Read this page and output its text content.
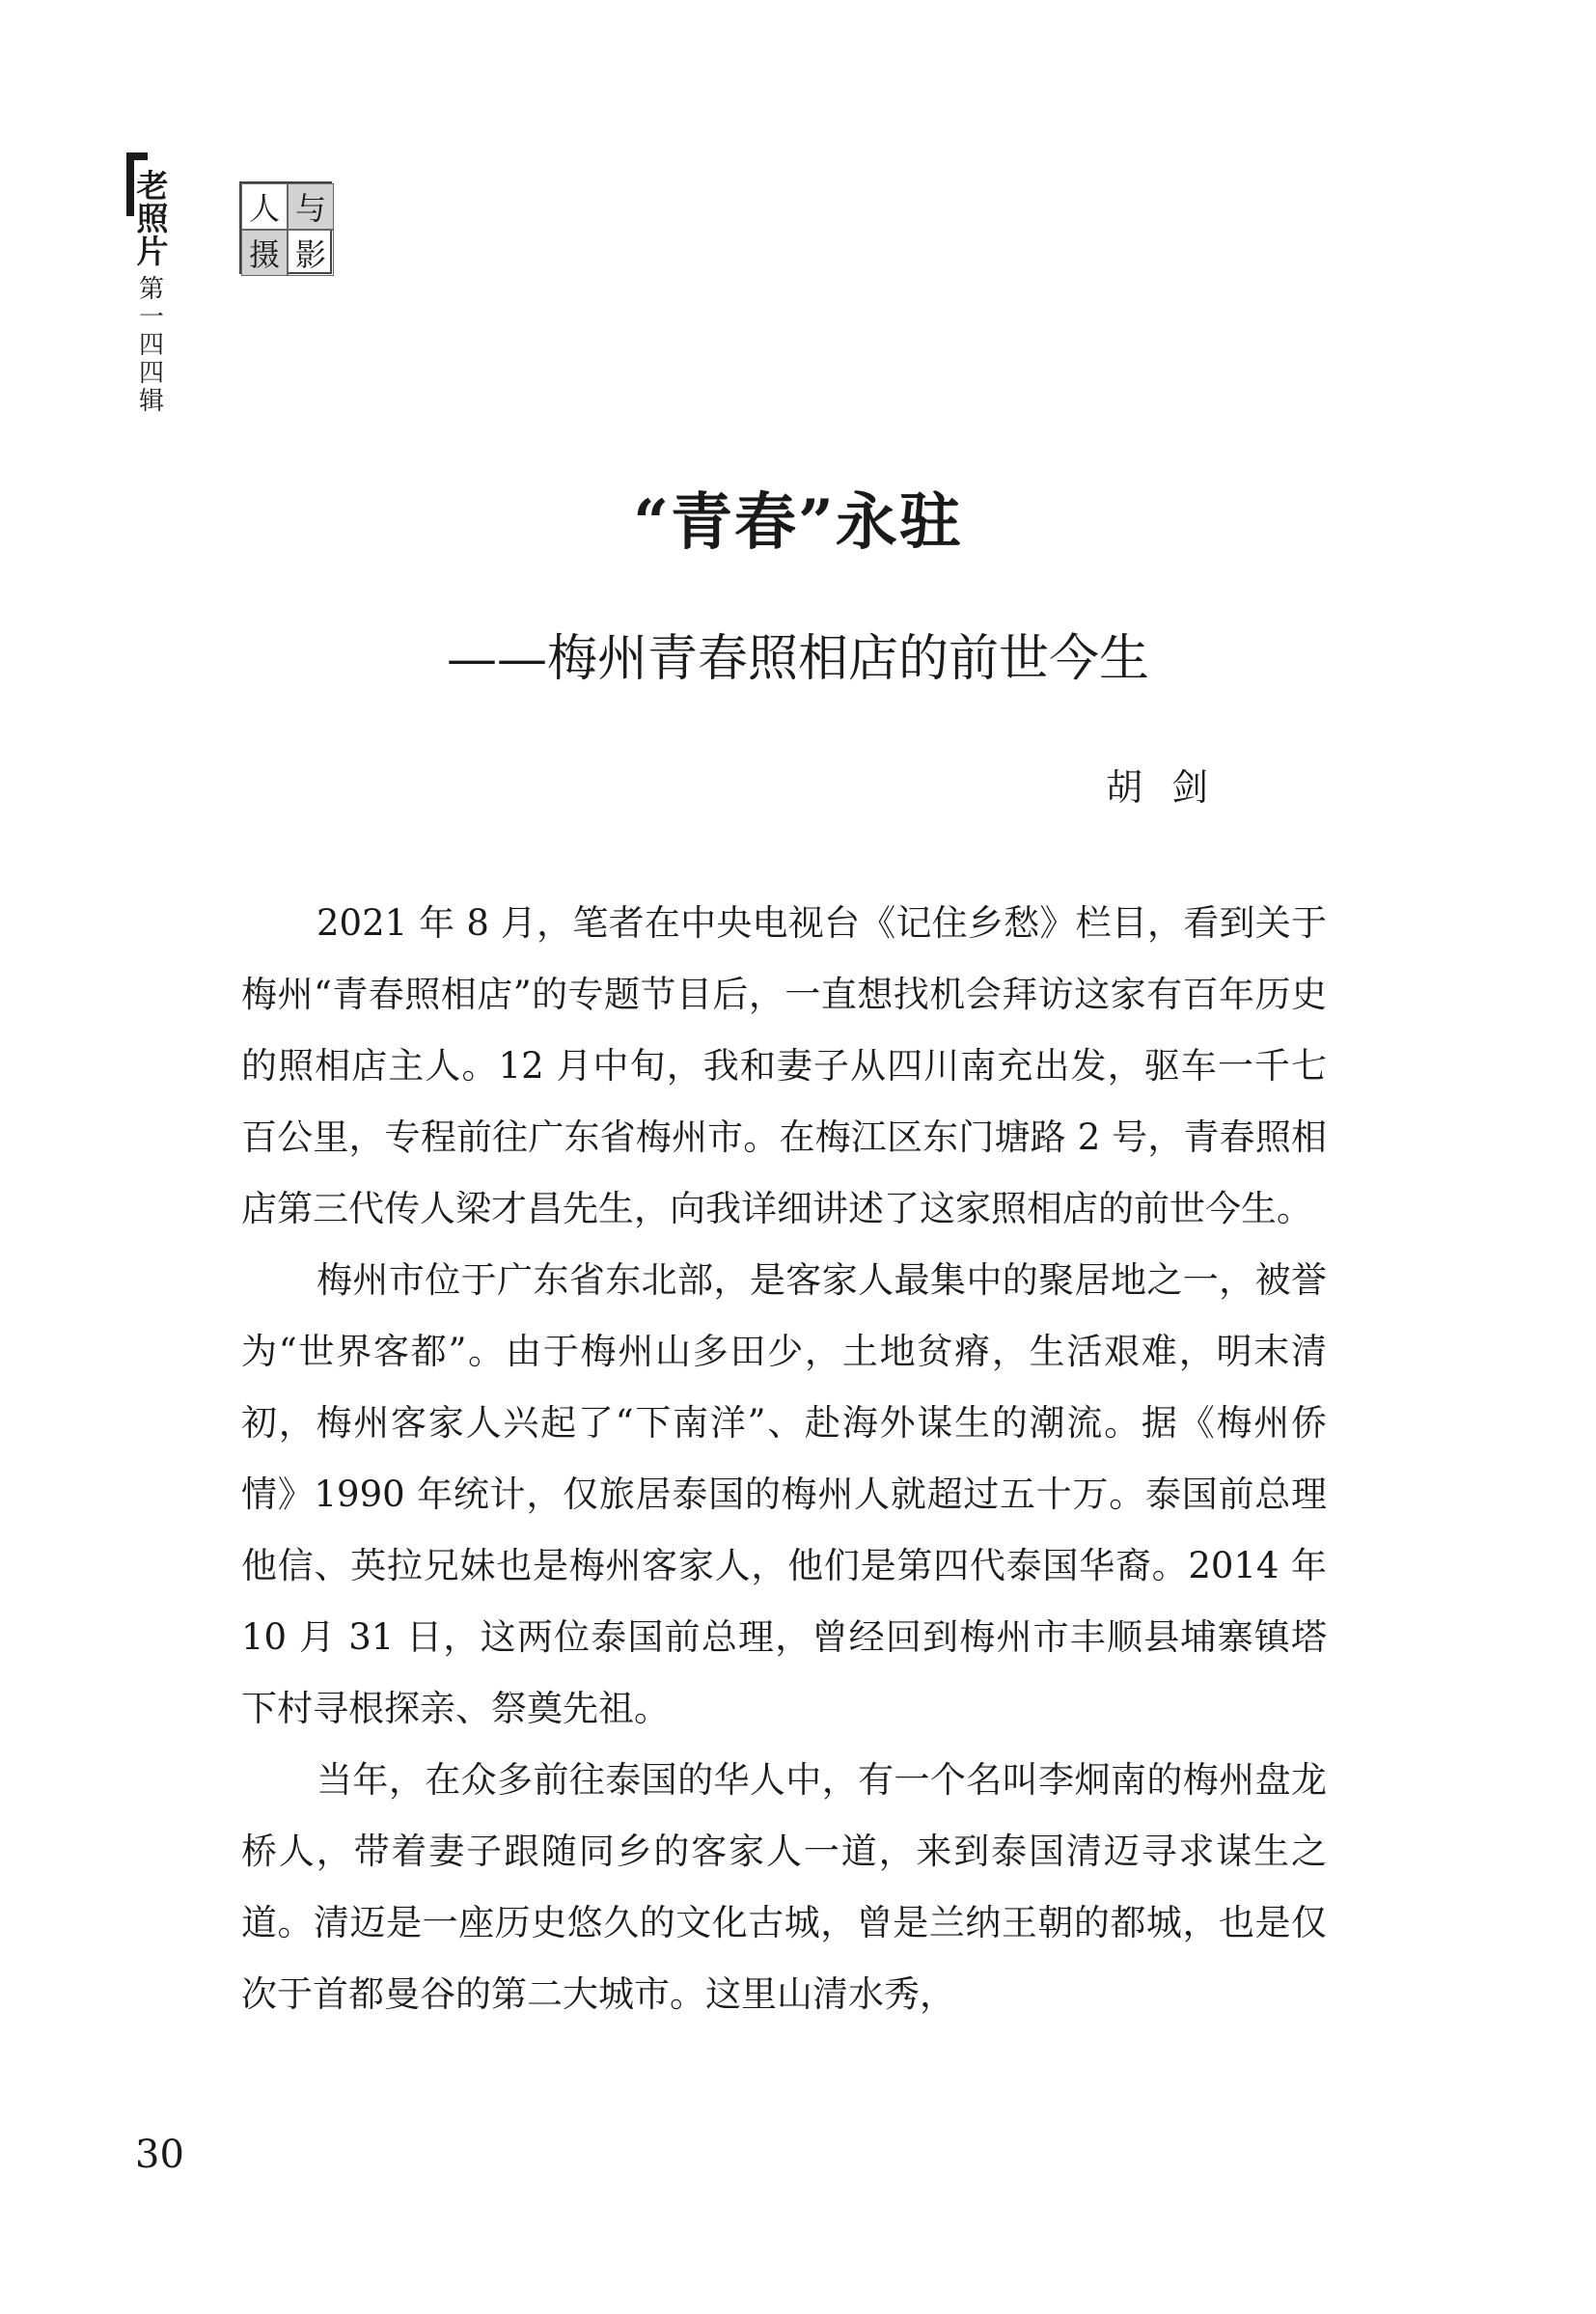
老
照
片
第
一
四
四
辑
人 与
摄 影
“青春”永驻
——梅州青春照相店的前世今生
胡剑

2021 年 8 月，笔者在中央电视台《记住乡愁》栏目，看到关于梅州“青春照相店”的专题节目后，一直想找机会拜访这家有百年历史的照相店主人。12 月中旬，我和妻子从四川南充出发，驱车一千七百公里，专程前往广东省梅州市。在梅江区东门塘路 2 号，青春照相店第三代传人梁才昌先生，向我详细讲述了这家照相店的前世今生。

梅州市位于广东省东北部，是客家人最集中的聚居地之一，被誉为“世界客都”。由于梅州山多田少，土地贫瘠，生活艰难，明末清初，梅州客家人兴起了“下南洋”、赴海外谋生的潮流。据《梅州侨情》1990 年统计，仅旅居泰国的梅州人就超过五十万。泰国前总理他信、英拉兄妹也是梅州客家人，他们是第四代泰国华裔。2014 年 10 月 31 日，这两位泰国前总理，曾经回到梅州市丰顺县埔寨镇塔下村寻根探亲、祭奠先祖。

当年，在众多前往泰国的华人中，有一个名叫李炯南的梅州盘龙桥人，带着妻子跟随同乡的客家人一道，来到泰国清迈寻求谋生之道。清迈是一座历史悠久的文化古城，曾是兰纳王朝的都城，也是仅次于首都曼谷的第二大城市。这里山清水秀，

30
